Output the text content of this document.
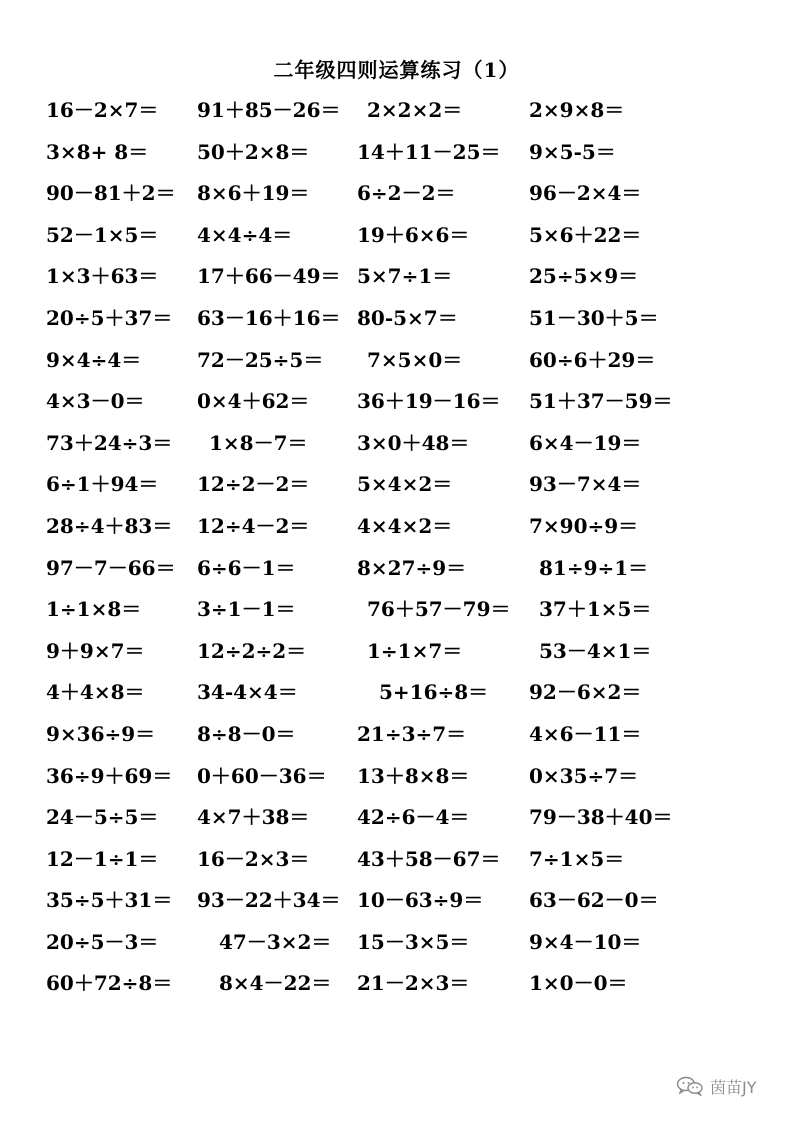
二年级四则运算练习（1）
16－2×7＝ 91＋85－26＝ 2×2×2＝	2×9×8＝
3×8+ 8＝ 50＋2×8＝ 14＋11－25＝ 9×5-5＝
90－81＋2＝ 8×6＋19＝ 6÷2－2＝	96－2×4＝
52－1×5＝ 4×4÷4＝	19＋6×6＝	5×6＋22＝
1×3＋63＝ 17＋66－49＝ 5×7÷1＝	25÷5×9＝
20÷5＋37＝ 63－16＋16＝ 80-5×7＝	51－30＋5＝
9×4÷4＝	72－25÷5＝ 7×5×0＝	60÷6＋29＝
4×3－0＝	0×4＋62＝ 36＋19－16＝ 51＋37－59＝
73＋24÷3＝ 1×8－7＝ 3×0＋48＝	6×4－19＝
6÷1＋94＝ 12÷2－2＝ 5×4×2＝	93－7×4＝
28÷4＋83＝ 12÷4－2＝ 4×4×2＝	7×90÷9＝
97－7－66＝ 6÷6－1＝	8×27÷9＝	81÷9÷1＝
1÷1×8＝	3÷1－1＝	76＋57－79＝ 37＋1×5＝
9＋9×7＝	12÷2÷2＝	1÷1×7＝	53－4×1＝
4＋4×8＝	34-4×4＝	5+16÷8＝ 92－6×2＝
9×36÷9＝ 8÷8－0＝	21÷3÷7＝	4×6－11＝
36÷9＋69＝ 0＋60－36＝ 13＋8×8＝	0×35÷7＝
24－5÷5＝ 4×7＋38＝ 42÷6－4＝	79－38＋40＝
12－1÷1＝ 16－2×3＝ 43＋58－67＝ 7÷1×5＝
35÷5＋31＝ 93－22＋34＝ 10－63÷9＝ 63－62－0＝
20÷5－3＝	47－3×2＝ 15－3×5＝	9×4－10＝
60＋72÷8＝ 8×4－22＝ 21－2×3＝	1×0－0＝
茵苗JY
